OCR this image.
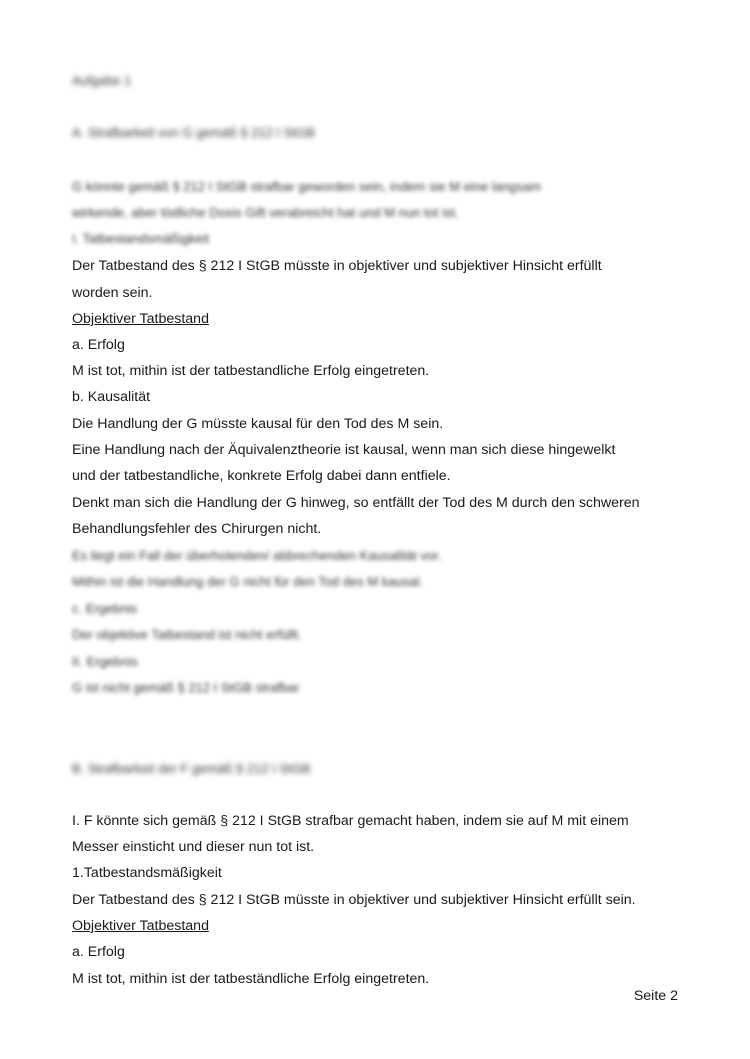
Aufgabe 1
A. Strafbarkeit von G gemäß § 212 I StGB
G könnte gemäß § 212 I StGB strafbar geworden sein, indem sie M eine langsam
wirkende, aber tödliche Dosis Gift verabreicht hat und M nun tot ist.
I. Tatbestandsmäßigkeit
Der Tatbestand des § 212 I StGB müsste in objektiver und subjektiver Hinsicht erfüllt
worden sein.
Objektiver Tatbestand
a. Erfolg
M ist tot, mithin ist der tatbestandliche Erfolg eingetreten.
b. Kausalität
Die Handlung der G müsste kausal für den Tod des M sein.
Eine Handlung nach der Äquivalenztheorie ist kausal, wenn man sich diese hingewelkt
und der tatbestandliche, konkrete Erfolg dabei dann entfiele.
Denkt man sich die Handlung der G hinweg, so entfällt der Tod des M durch den schweren
Behandlungsfehler des Chirurgen nicht.
Es liegt ein Fall der überholenden/ abbrechenden Kausalität vor.
Mithin ist die Handlung der G nicht für den Tod des M kausal.
c. Ergebnis
Der objektive Tatbestand ist nicht erfüllt.
II. Ergebnis
G ist nicht gemäß § 212 I StGB strafbar
B. Strafbarkeit der F gemäß § 212 I StGB
I. F könnte sich gemäß § 212 I StGB strafbar gemacht haben, indem sie auf M mit einem
Messer einsticht und dieser nun tot ist.
1.Tatbestandsmäßigkeit
Der Tatbestand des § 212 I StGB müsste in objektiver und subjektiver Hinsicht erfüllt sein.
Objektiver Tatbestand
a. Erfolg
M ist tot, mithin ist der tatbeständliche Erfolg eingetreten.
Seite 2
